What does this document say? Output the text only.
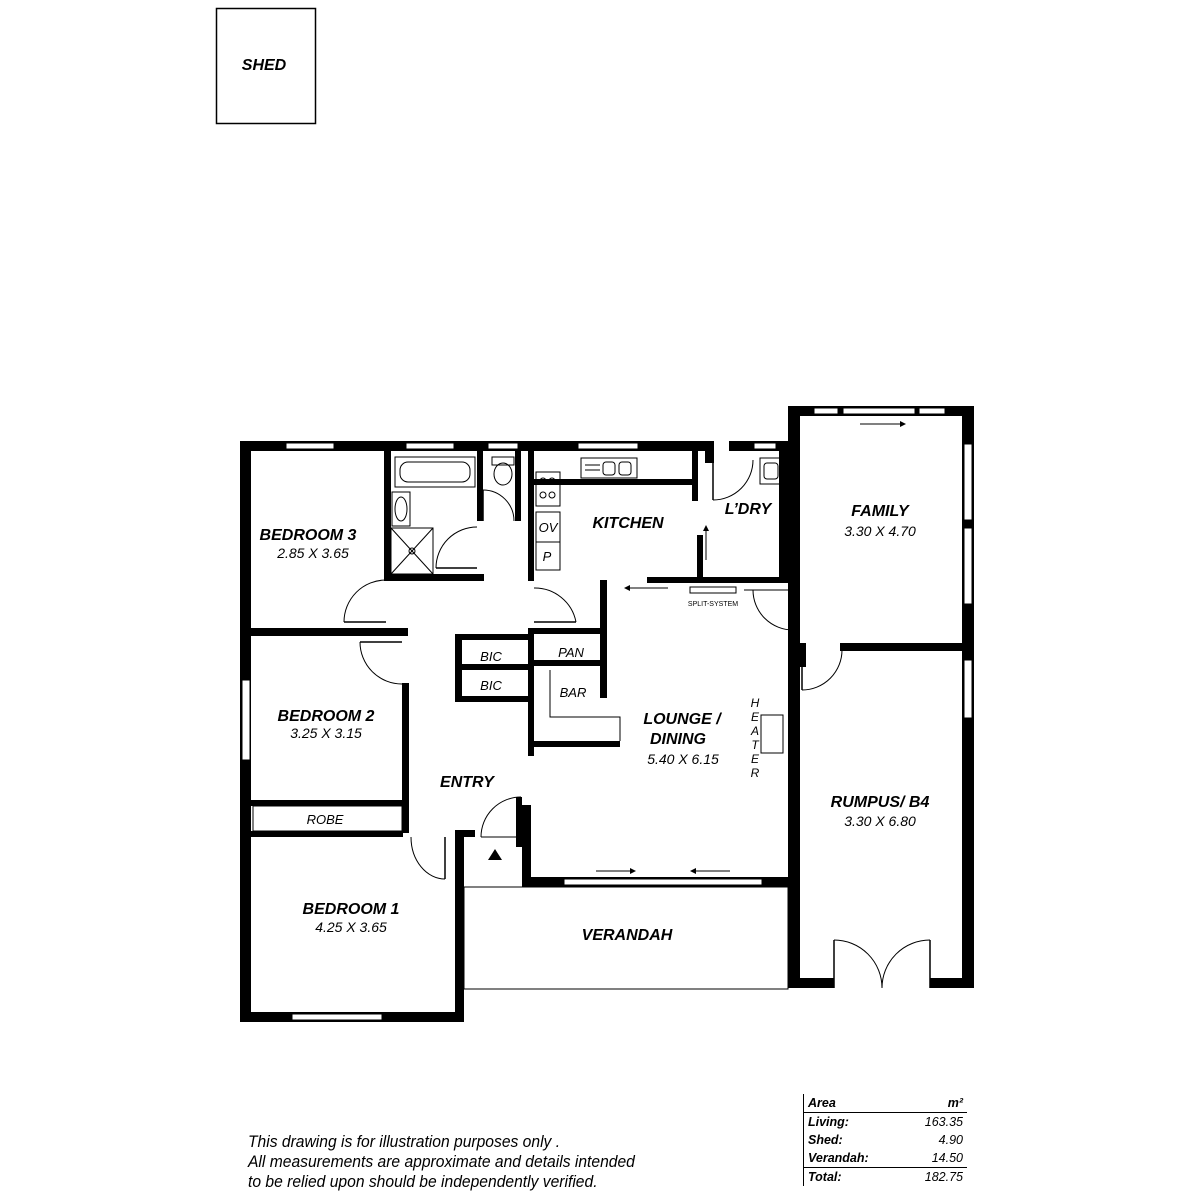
SHED
BEDROOM 3
2.85 X 3.65
KITCHEN
L’DRY	FAMILY
3.30 X 4.70
BEDROOM 2
3.25 X 3.15
LOUNGE /
DINING
5.40 X 6.15
ENTRY
RUMPUS/ B4
3.30 X 6.80
BEDROOM 1
4.25 X 3.65	VERANDAH
ROBE
BIC
BIC
PAN
BAR
OV
P
SPLIT-SYSTEM
H
E
A
T
E
R
Area	m²
Living:	163.35
Shed:	4.90
Verandah:	14.50
Total:	182.75
This drawing is for illustration purposes only .
All measurements are approximate and details intended
to be relied upon should be independently verified.
